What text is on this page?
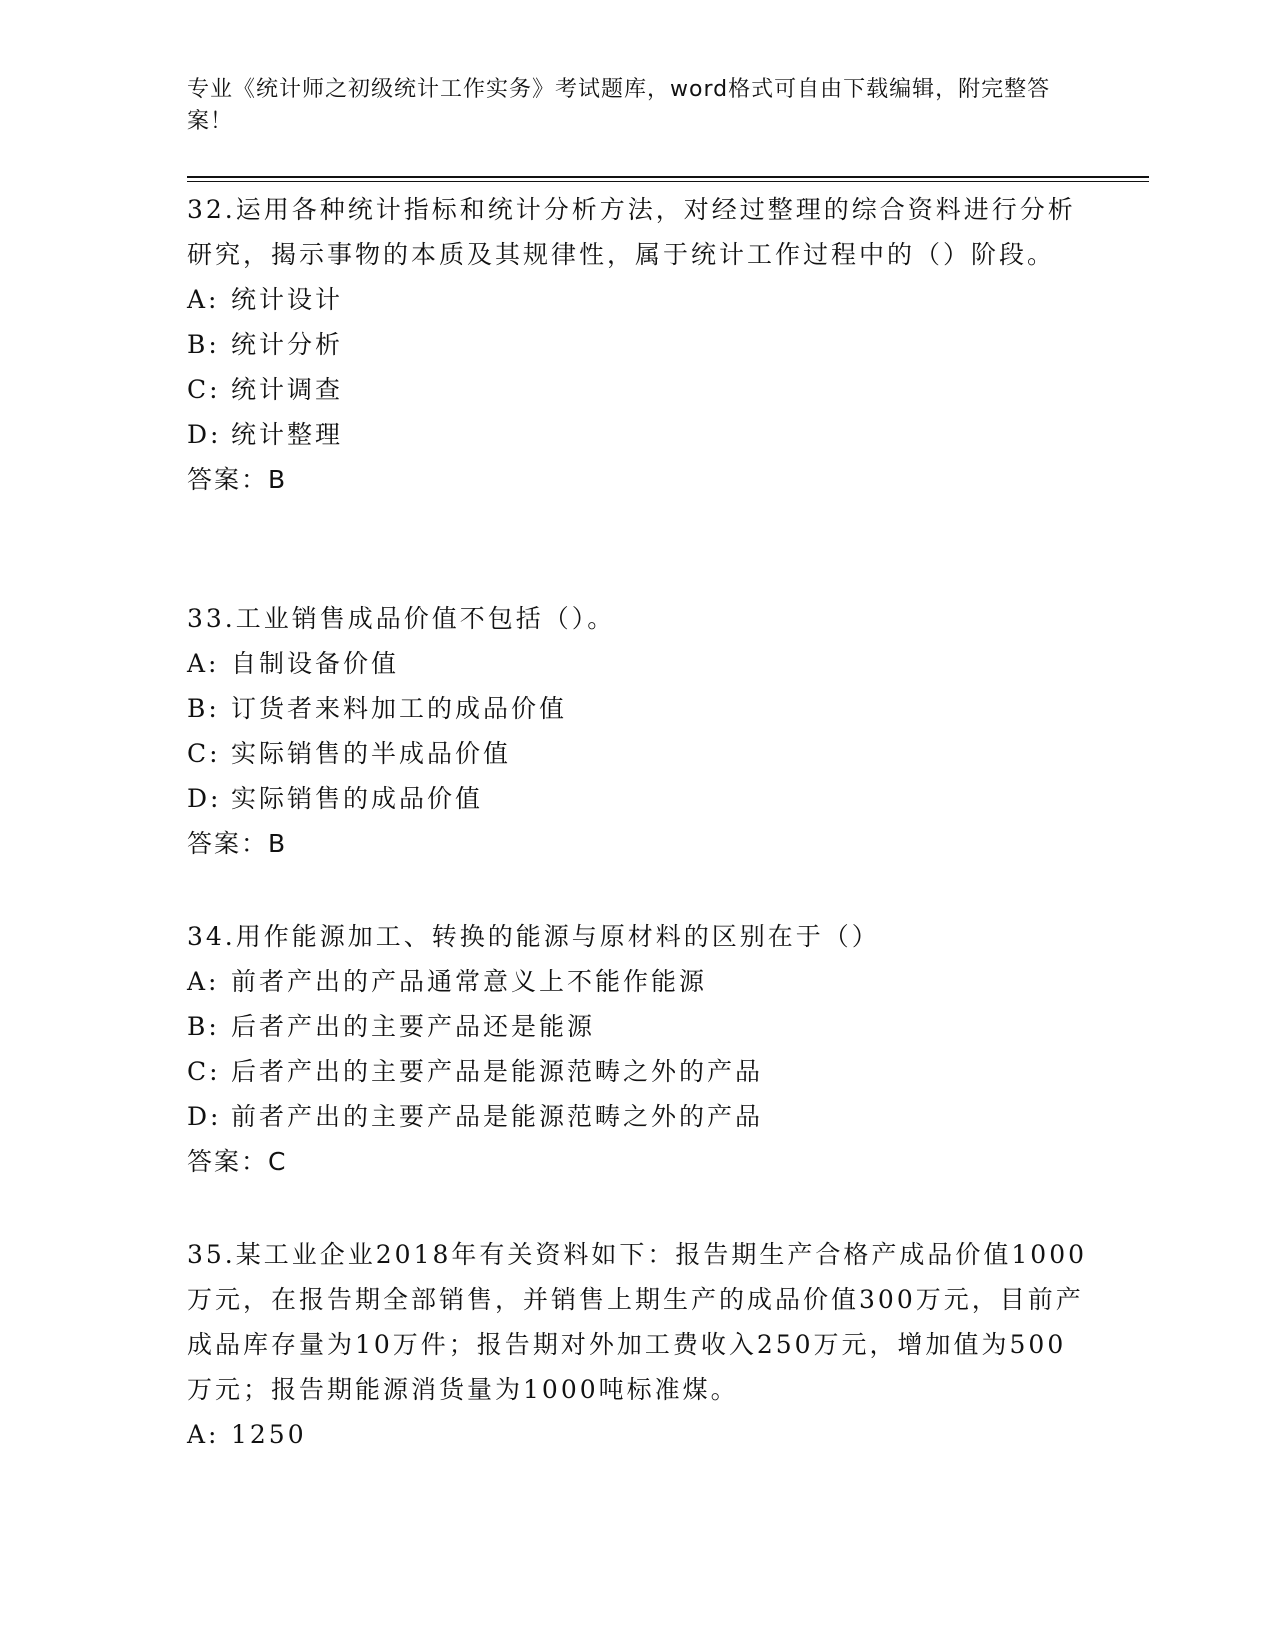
专业《统计师之初级统计工作实务》考试题库，word格式可自由下载编辑，附完整答案！

32.运用各种统计指标和统计分析方法，对经过整理的综合资料进行分析研究，揭示事物的本质及其规律性，属于统计工作过程中的（）阶段。

A: 统计设计
B: 统计分析
C: 统计调查
D: 统计整理

答案：B

33.工业销售成品价值不包括（）。

A: 自制设备价值
B: 订货者来料加工的成品价值
C: 实际销售的半成品价值
D: 实际销售的成品价值

答案：B

34.用作能源加工、转换的能源与原材料的区别在于（）

A: 前者产出的产品通常意义上不能作能源
B: 后者产出的主要产品还是能源
C: 后者产出的主要产品是能源范畴之外的产品
D: 前者产出的主要产品是能源范畴之外的产品

答案：C

35.某工业企业2018年有关资料如下：报告期生产合格产成品价值1000万元，在报告期全部销售，并销售上期生产的成品价值300万元，目前产成品库存量为10万件；报告期对外加工费收入250万元，增加值为500万元；报告期能源消货量为1000吨标准煤。

A: 1250
